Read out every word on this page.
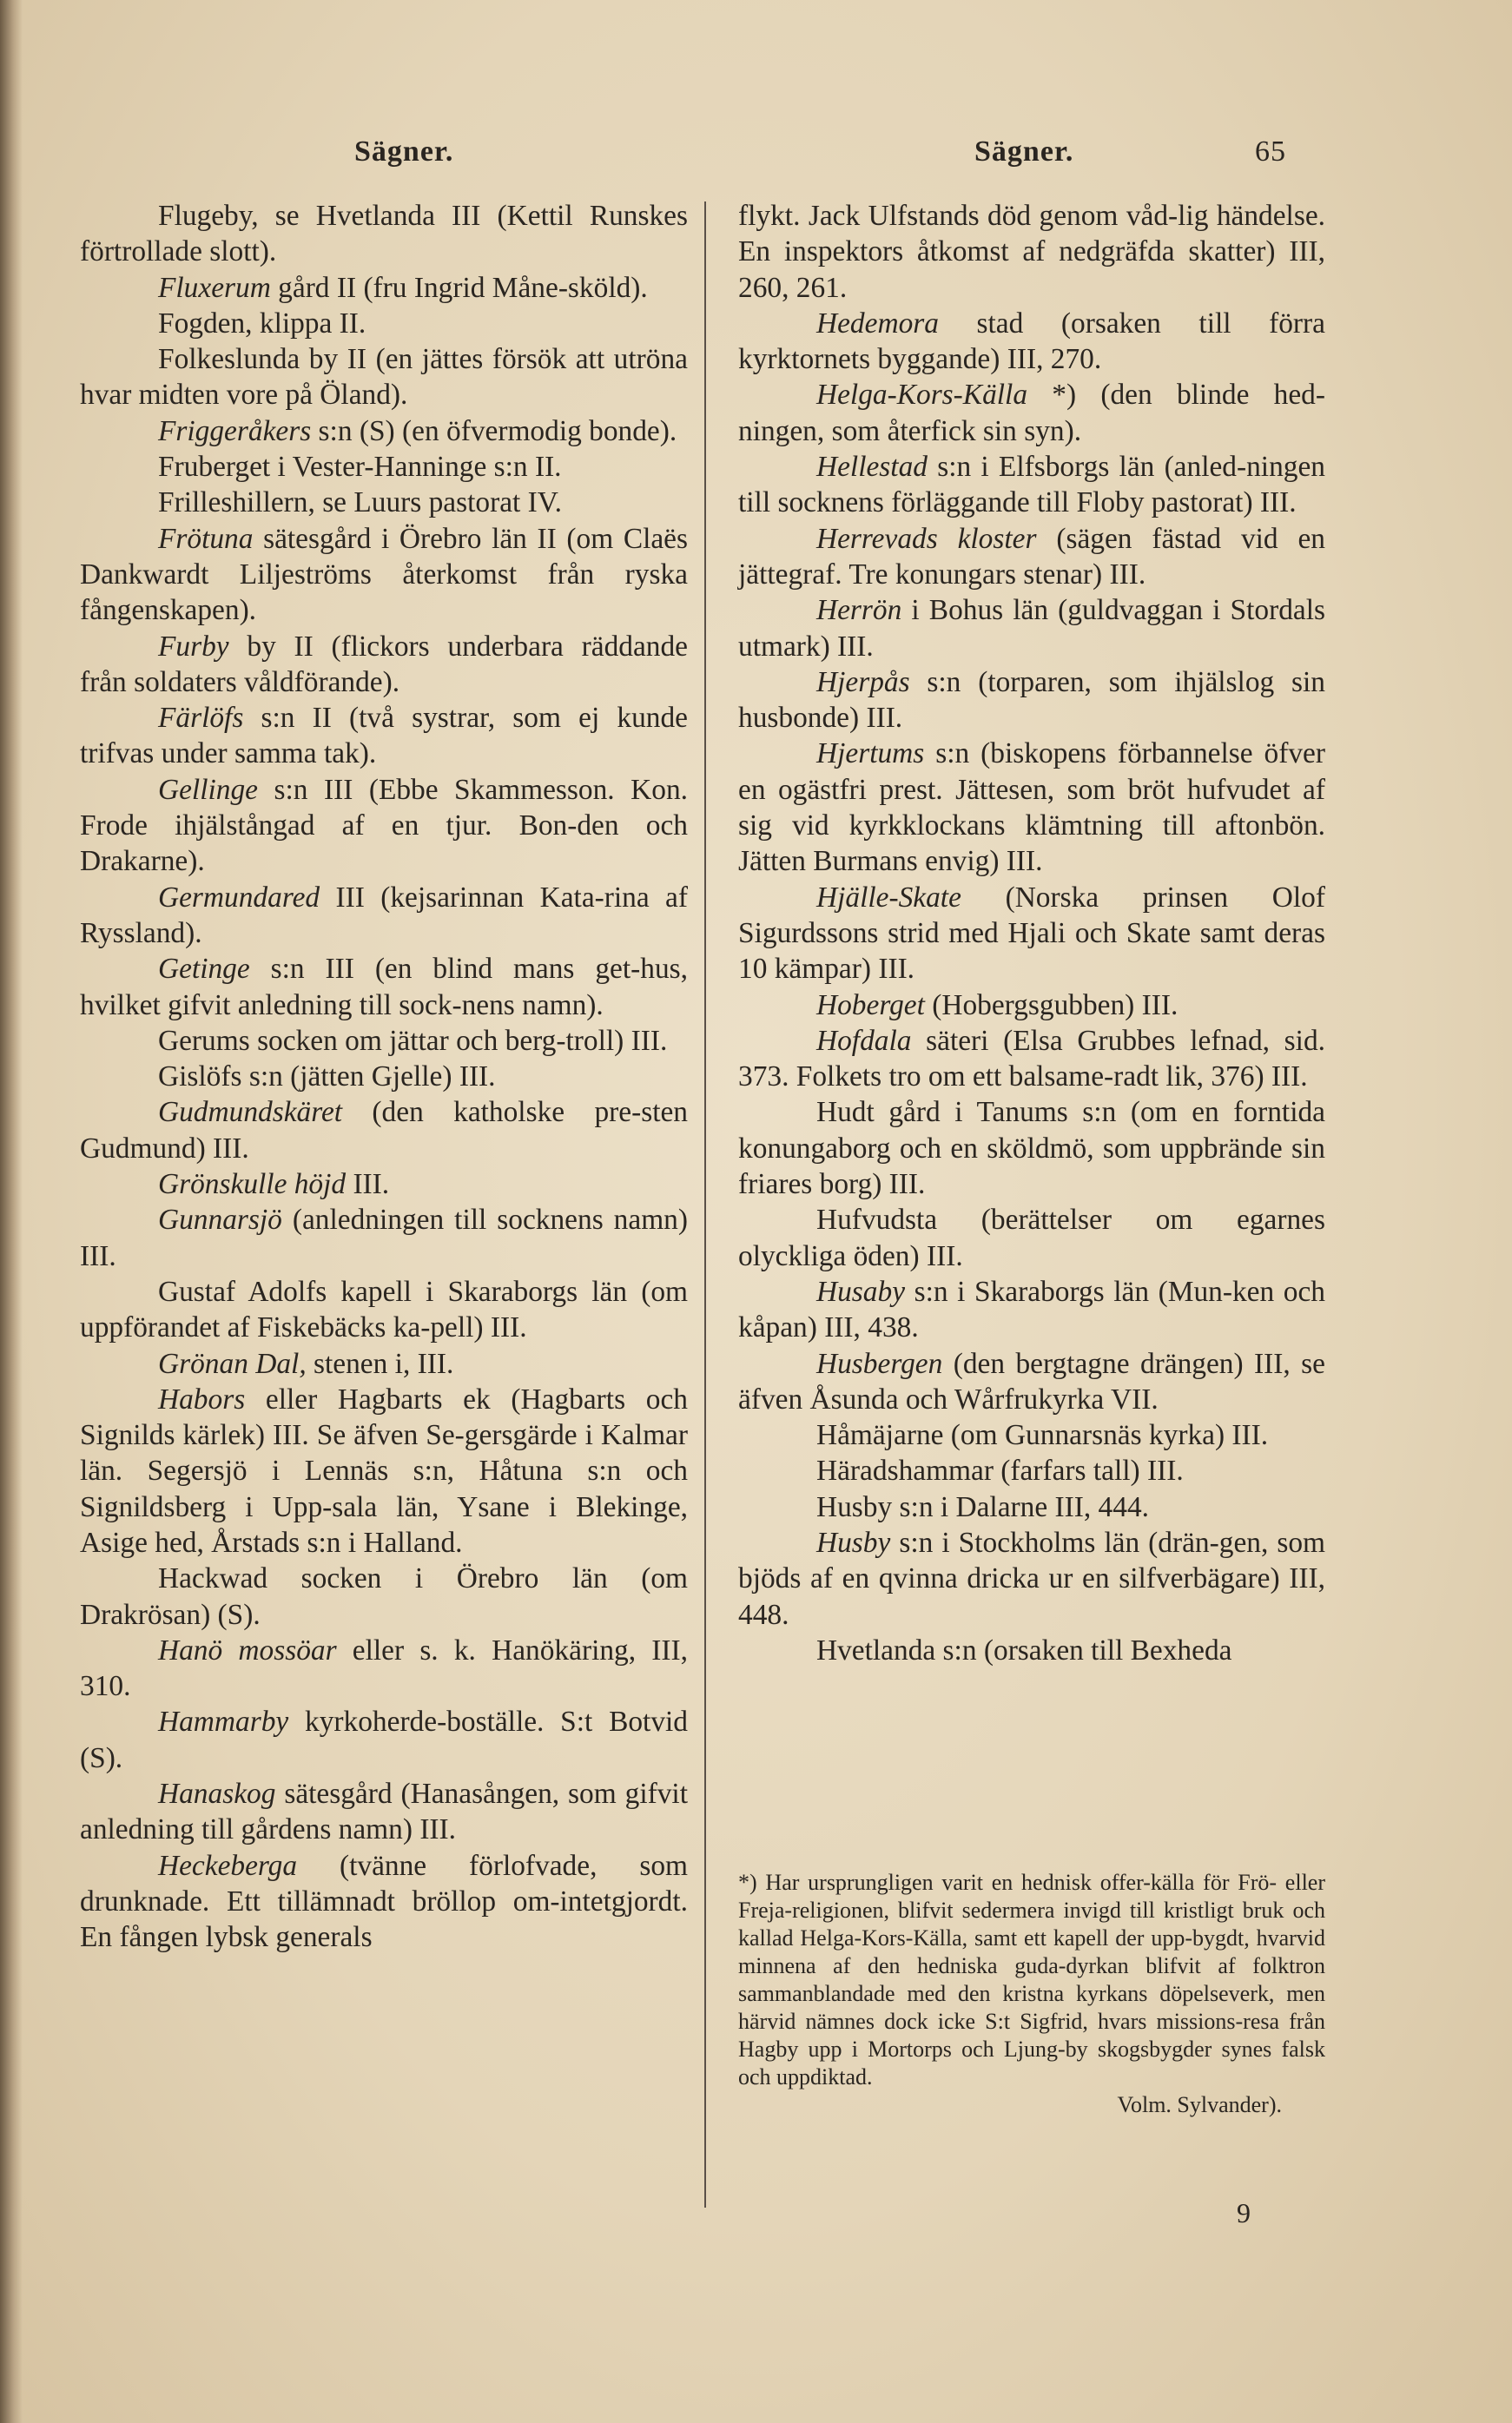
Sägner.	Sägner.	65

Flugeby, se Hvetlanda III (Kettil Runskes förtrollade slott).

Fluxerum gård II (fru Ingrid Måne-sköld).

Fogden, klippa II.

Folkeslunda by II (en jättes försök att utröna hvar midten vore på Öland).

Friggeråkers s:n (S) (en öfvermodig bonde).

Fruberget i Vester-Hanninge s:n II.

Frilleshillern, se Luurs pastorat IV.

Frötuna sätesgård i Örebro län II (om Claës Dankwardt Liljeströms återkomst från ryska fångenskapen).

Furby by II (flickors underbara räddande från soldaters våldförande).

Färlöfs s:n II (två systrar, som ej kunde trifvas under samma tak).

Gellinge s:n III (Ebbe Skammesson. Kon. Frode ihjälstångad af en tjur. Bon-den och Drakarne).

Germundared III (kejsarinnan Kata-rina af Ryssland).

Getinge s:n III (en blind mans get-hus, hvilket gifvit anledning till sock-nens namn).

Gerums socken om jättar och berg-troll) III.

Gislöfs s:n (jätten Gjelle) III.

Gudmundskäret (den katholske pre-sten Gudmund) III.

Grönskulle höjd III.

Gunnarsjö (anledningen till socknens namn) III.

Gustaf Adolfs kapell i Skaraborgs län (om uppförandet af Fiskebäcks ka-pell) III.

Grönan Dal, stenen i, III.

Habors eller Hagbarts ek (Hagbarts och Signilds kärlek) III. Se äfven Se-gersgärde i Kalmar län. Segersjö i Lennäs s:n, Håtuna s:n och Signildsberg i Upp-sala län, Ysane i Blekinge, Asige hed, Årstads s:n i Halland.

Hackwad socken i Örebro län (om Drakrösan) (S).

Hanö mossöar eller s. k. Hanökäring, III, 310.

Hammarby kyrkoherde-boställe. S:t Botvid (S).

Hanaskog sätesgård (Hanasången, som gifvit anledning till gårdens namn) III.

Heckeberga (tvänne förlofvade, som drunknade. Ett tillämnadt bröllop om-intetgjordt. En fången lybsk generals

flykt. Jack Ulfstands död genom våd-lig händelse. En inspektors åtkomst af nedgräfda skatter) III, 260, 261.

Hedemora stad (orsaken till förra kyrktornets byggande) III, 270.

Helga-Kors-Källa *) (den blinde hed-ningen, som återfick sin syn).

Hellestad s:n i Elfsborgs län (anled-ningen till socknens förläggande till Floby pastorat) III.

Herrevads kloster (sägen fästad vid en jättegraf. Tre konungars stenar) III.

Herrön i Bohus län (guldvaggan i Stordals utmark) III.

Hjerpås s:n (torparen, som ihjälslog sin husbonde) III.

Hjertums s:n (biskopens förbannelse öfver en ogästfri prest. Jättesen, som bröt hufvudet af sig vid kyrkklockans klämtning till aftonbön. Jätten Burmans envig) III.

Hjälle-Skate (Norska prinsen Olof Sigurdssons strid med Hjali och Skate samt deras 10 kämpar) III.

Hoberget (Hobergsgubben) III.

Hofdala säteri (Elsa Grubbes lefnad, sid. 373. Folkets tro om ett balsame-radt lik, 376) III.

Hudt gård i Tanums s:n (om en forntida konungaborg och en sköldmö, som uppbrände sin friares borg) III.

Hufvudsta (berättelser om egarnes olyckliga öden) III.

Husaby s:n i Skaraborgs län (Mun-ken och kåpan) III, 438.

Husbergen (den bergtagne drängen) III, se äfven Åsunda och Wårfrukyrka VII.

Håmäjarne (om Gunnarsnäs kyrka) III.

Häradshammar (farfars tall) III.

Husby s:n i Dalarne III, 444.

Husby s:n i Stockholms län (drän-gen, som bjöds af en qvinna dricka ur en silfverbägare) III, 448.

Hvetlanda s:n (orsaken till Bexheda

*) Har ursprungligen varit en hednisk offer-källa för Frö- eller Freja-religionen, blifvit sedermera invigd till kristligt bruk och kallad Helga-Kors-Källa, samt ett kapell der upp-bygdt, hvarvid minnena af den hedniska guda-dyrkan blifvit af folktron sammanblandade med den kristna kyrkans döpelseverk, men härvid nämnes dock icke S:t Sigfrid, hvars missions-resa från Hagby upp i Mortorps och Ljung-by skogsbygder synes falsk och uppdiktad.

Volm. Sylvander).

9
